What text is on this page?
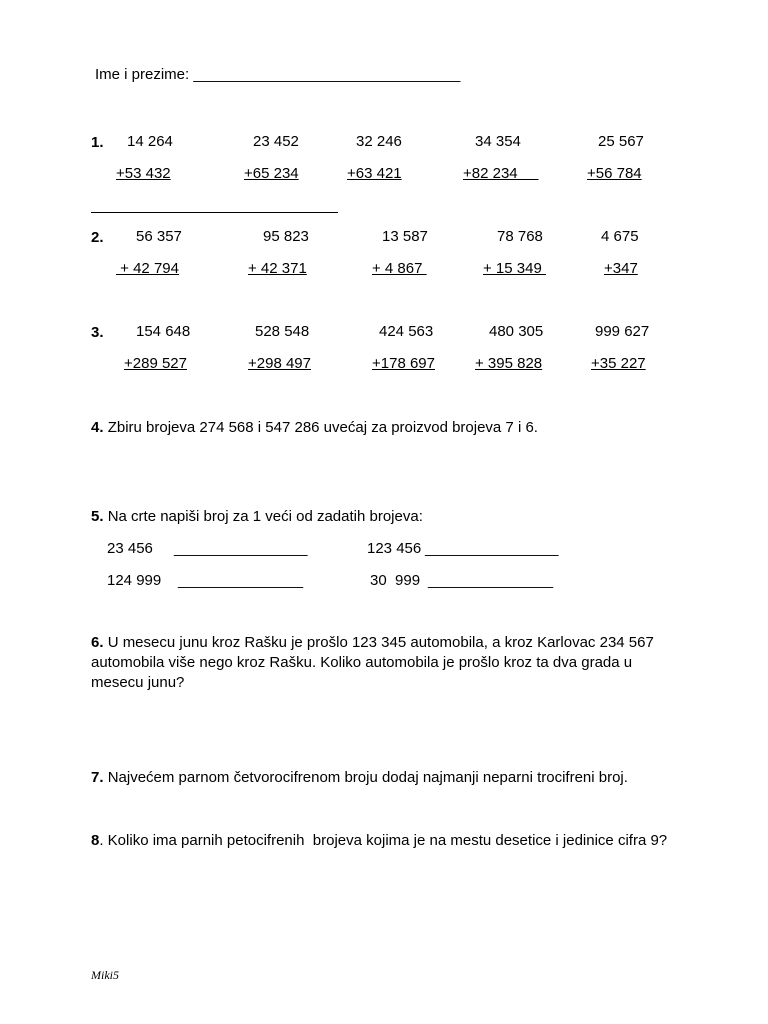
Ime i prezime: ________________________________
1. 14 264	23 452	32 246	34 354	25 567
+53 432	+65 234	+63 421	+82 234	+56 784
2. 56 357	95 823	13 587	78 768	4 675
+ 42 794	+ 42 371	+ 4 867	+ 15 349	+347
3. 154 648	528 548	424 563	480 305	999 627
+289 527	+298 497	+178 697	+ 395 828	+35 227
4. Zbiru brojeva 274 568 i 547 286 uvećaj za proizvod brojeva 7 i 6.
5. Na crte napiši broj za 1 veći od zadatih brojeva:
23 456 ________________	123 456 ________________
124 999 _______________	30  999 _______________
6. U mesecu junu kroz Rašku je prošlo 123 345 automobila, a kroz Karlovac 234 567 automobila više nego kroz Rašku. Koliko automobila je prošlo kroz ta dva grada u mesecu junu?
7. Najvećem parnom četvorocifrenom broju dodaj najmanji neparni trocifreni broj.
8. Koliko ima parnih petocifrenih  brojeva kojima je na mestu desetice i jedinice cifra 9?
Miki5
